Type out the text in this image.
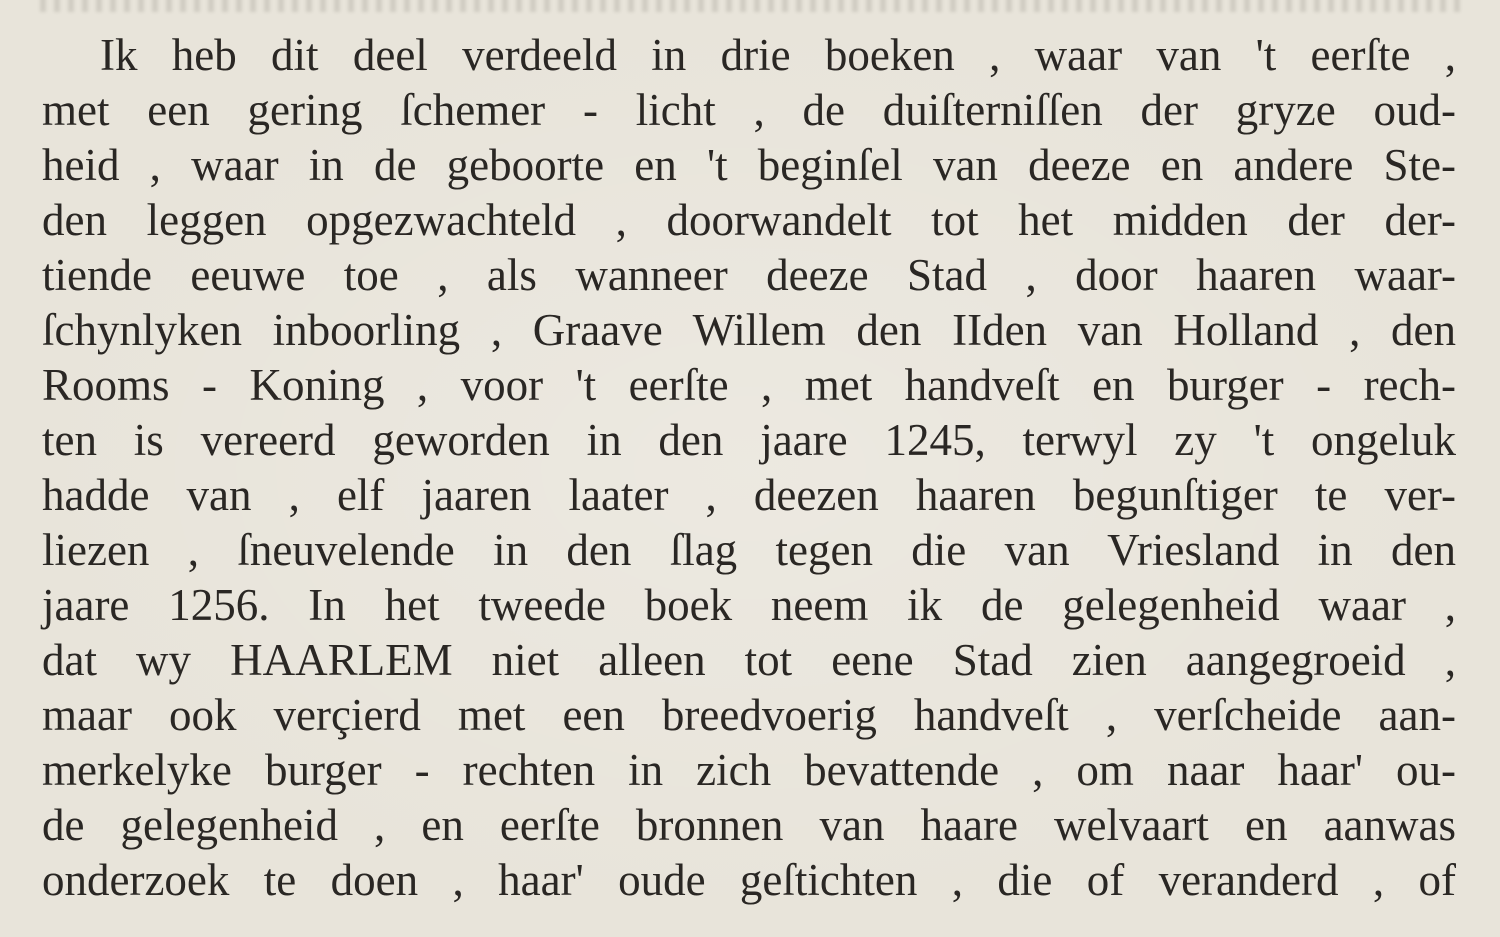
Ik heb dit deel verdeeld in drie boeken , waar van 't eerſte ,
met een gering ſchemer - licht , de duiſterniſſen der gryze oud-
heid , waar in de geboorte en 't beginſel van deeze en andere Ste-
den leggen opgezwachteld , doorwandelt tot het midden der der-
tiende eeuwe toe , als wanneer deeze Stad , door haaren waar-
ſchynlyken inboorling , Graave Willem den IIden van Holland , den
Rooms - Koning , voor 't eerſte , met handveſt en burger - rech-
ten is vereerd geworden in den jaare 1245, terwyl zy 't ongeluk
hadde van , elf jaaren laater , deezen haaren begunſtiger te ver-
liezen , ſneuvelende in den ſlag tegen die van Vriesland in den
jaare 1256. In het tweede boek neem ik de gelegenheid waar ,
dat wy HAARLEM niet alleen tot eene Stad zien aangegroeid ,
maar ook verçierd met een breedvoerig handveſt , verſcheide aan-
merkelyke burger - rechten in zich bevattende , om naar haar' ou-
de gelegenheid , en eerſte bronnen van haare welvaart en aanwas
onderzoek te doen , haar' oude geſtichten , die of veranderd , of
